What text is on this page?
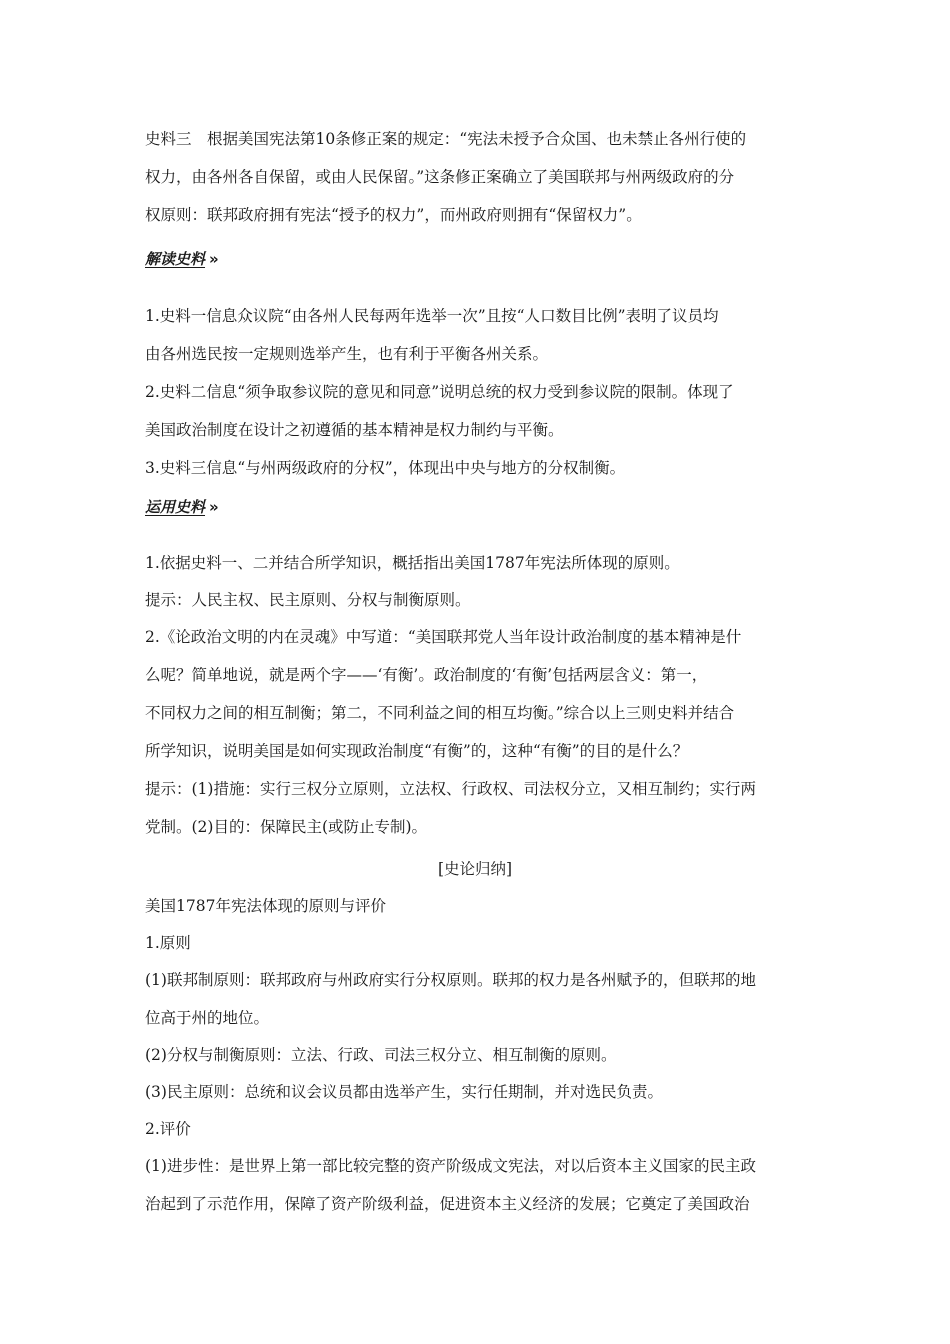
史料三　根据美国宪法第10条修正案的规定：“宪法未授予合众国、也未禁止各州行使的
权力，由各州各自保留，或由人民保留。”这条修正案确立了美国联邦与州两级政府的分
权原则：联邦政府拥有宪法“授予的权力”，而州政府则拥有“保留权力”。
解读史料 »
1.史料一信息众议院“由各州人民每两年选举一次”且按“人口数目比例”表明了议员均
由各州选民按一定规则选举产生，也有利于平衡各州关系。
2.史料二信息“须争取参议院的意见和同意”说明总统的权力受到参议院的限制。体现了
美国政治制度在设计之初遵循的基本精神是权力制约与平衡。
3.史料三信息“与州两级政府的分权”，体现出中央与地方的分权制衡。
运用史料 »
1.依据史料一、二并结合所学知识，概括指出美国1787年宪法所体现的原则。
提示：人民主权、民主原则、分权与制衡原则。
2.《论政治文明的内在灵魂》中写道：“美国联邦党人当年设计政治制度的基本精神是什
么呢？简单地说，就是两个字——‘有衡’。政治制度的‘有衡’包括两层含义：第一，
不同权力之间的相互制衡；第二，不同利益之间的相互均衡。”综合以上三则史料并结合
所学知识，说明美国是如何实现政治制度“有衡”的，这种“有衡”的目的是什么？
提示：(1)措施：实行三权分立原则，立法权、行政权、司法权分立，又相互制约；实行两
党制。(2)目的：保障民主(或防止专制)。
[史论归纳]
美国1787年宪法体现的原则与评价
1.原则
(1)联邦制原则：联邦政府与州政府实行分权原则。联邦的权力是各州赋予的，但联邦的地
位高于州的地位。
(2)分权与制衡原则：立法、行政、司法三权分立、相互制衡的原则。
(3)民主原则：总统和议会议员都由选举产生，实行任期制，并对选民负责。
2.评价
(1)进步性：是世界上第一部比较完整的资产阶级成文宪法，对以后资本主义国家的民主政
治起到了示范作用，保障了资产阶级利益，促进资本主义经济的发展；它奠定了美国政治
